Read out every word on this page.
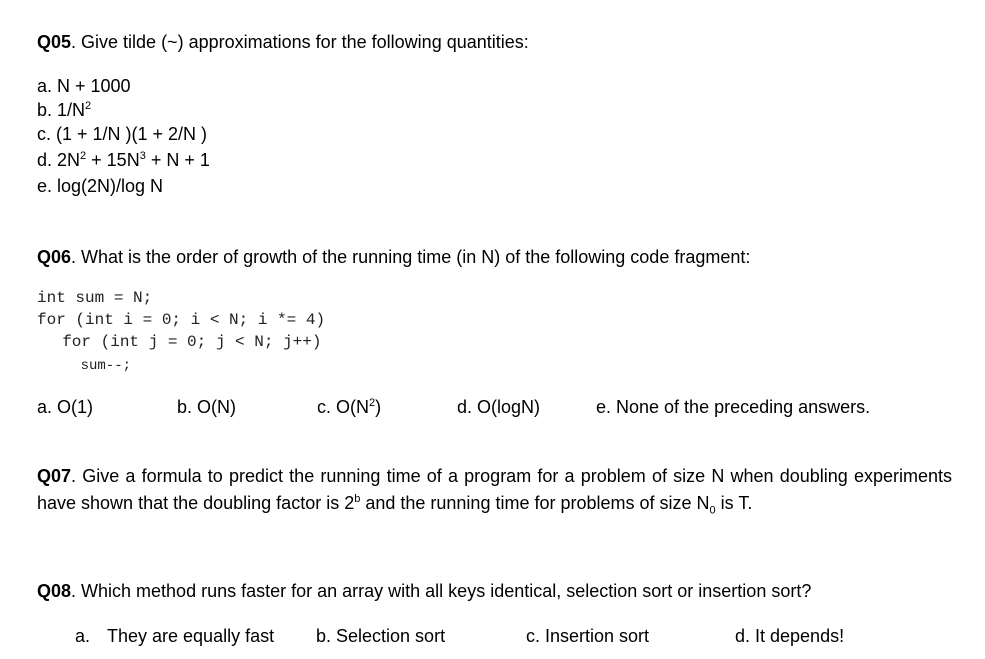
Q05. Give tilde (~) approximations for the following quantities:
a. N + 1000
b. $1/N^2$
c. (1 + 1/N )(1 + 2/N )
d. $2N^2 + 15N^3 + N + 1$
e. log(2N)/log N
Q06. What is the order of growth of the running time (in N) of the following code fragment:
int sum = N;
for (int i = 0; i < N; i *= 4)
for (int j = 0; j < N; j++)
sum--;
a. O(1)	b. O(N)	c. $O(N^2)$	d. O(logN)	e. None of the preceding answers.
Q07. Give a formula to predict the running time of a program for a problem of size N when doubling experiments have shown that the doubling factor is 2$^b$ and the running time for problems of size $N_0$ is T.
Q08. Which method runs faster for an array with all keys identical, selection sort or insertion sort?
a. They are equally fast b. Selection sort	c. Insertion sort	d. It depends!
